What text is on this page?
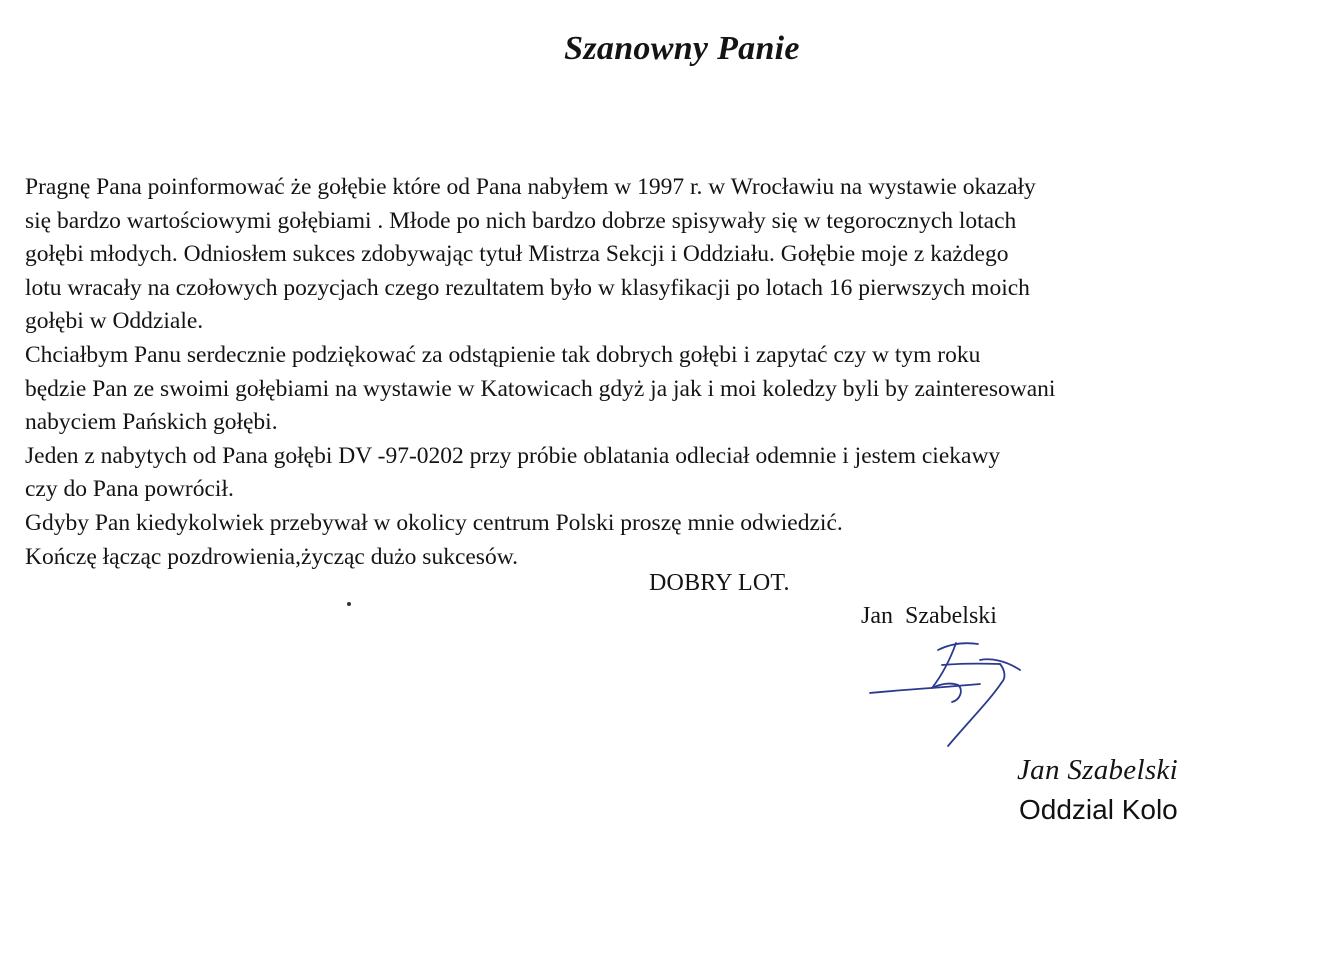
Szanowny Panie
Pragnę Pana poinformować że gołębie które od Pana nabyłem w 1997 r. w Wrocławiu na wystawie okazały
się bardzo wartościowymi gołębiami . Młode po nich bardzo dobrze spisywały się w tegorocznych lotach
gołębi młodych. Odniosłem sukces zdobywając tytuł Mistrza Sekcji i Oddziału. Gołębie moje z każdego
lotu wracały na czołowych pozycjach czego rezultatem było w klasyfikacji po lotach 16 pierwszych moich
gołębi w Oddziale.
Chciałbym Panu serdecznie podziękować za odstąpienie tak dobrych gołębi i zapytać czy w tym roku
będzie Pan ze swoimi gołębiami na wystawie w Katowicach gdyż ja jak i moi koledzy byli by zainteresowani
nabyciem Pańskich gołębi.
Jeden z nabytych od Pana gołębi DV -97-0202 przy próbie oblatania odleciał odemnie i jestem ciekawy
czy do Pana powrócił.
Gdyby Pan kiedykolwiek przebywał w okolicy centrum Polski proszę mnie odwiedzić.
Kończę łącząc pozdrowienia,życząc dużo sukcesów.
DOBRY LOT.
Jan  Szabelski
Jan Szabelski
Oddzial Kolo
